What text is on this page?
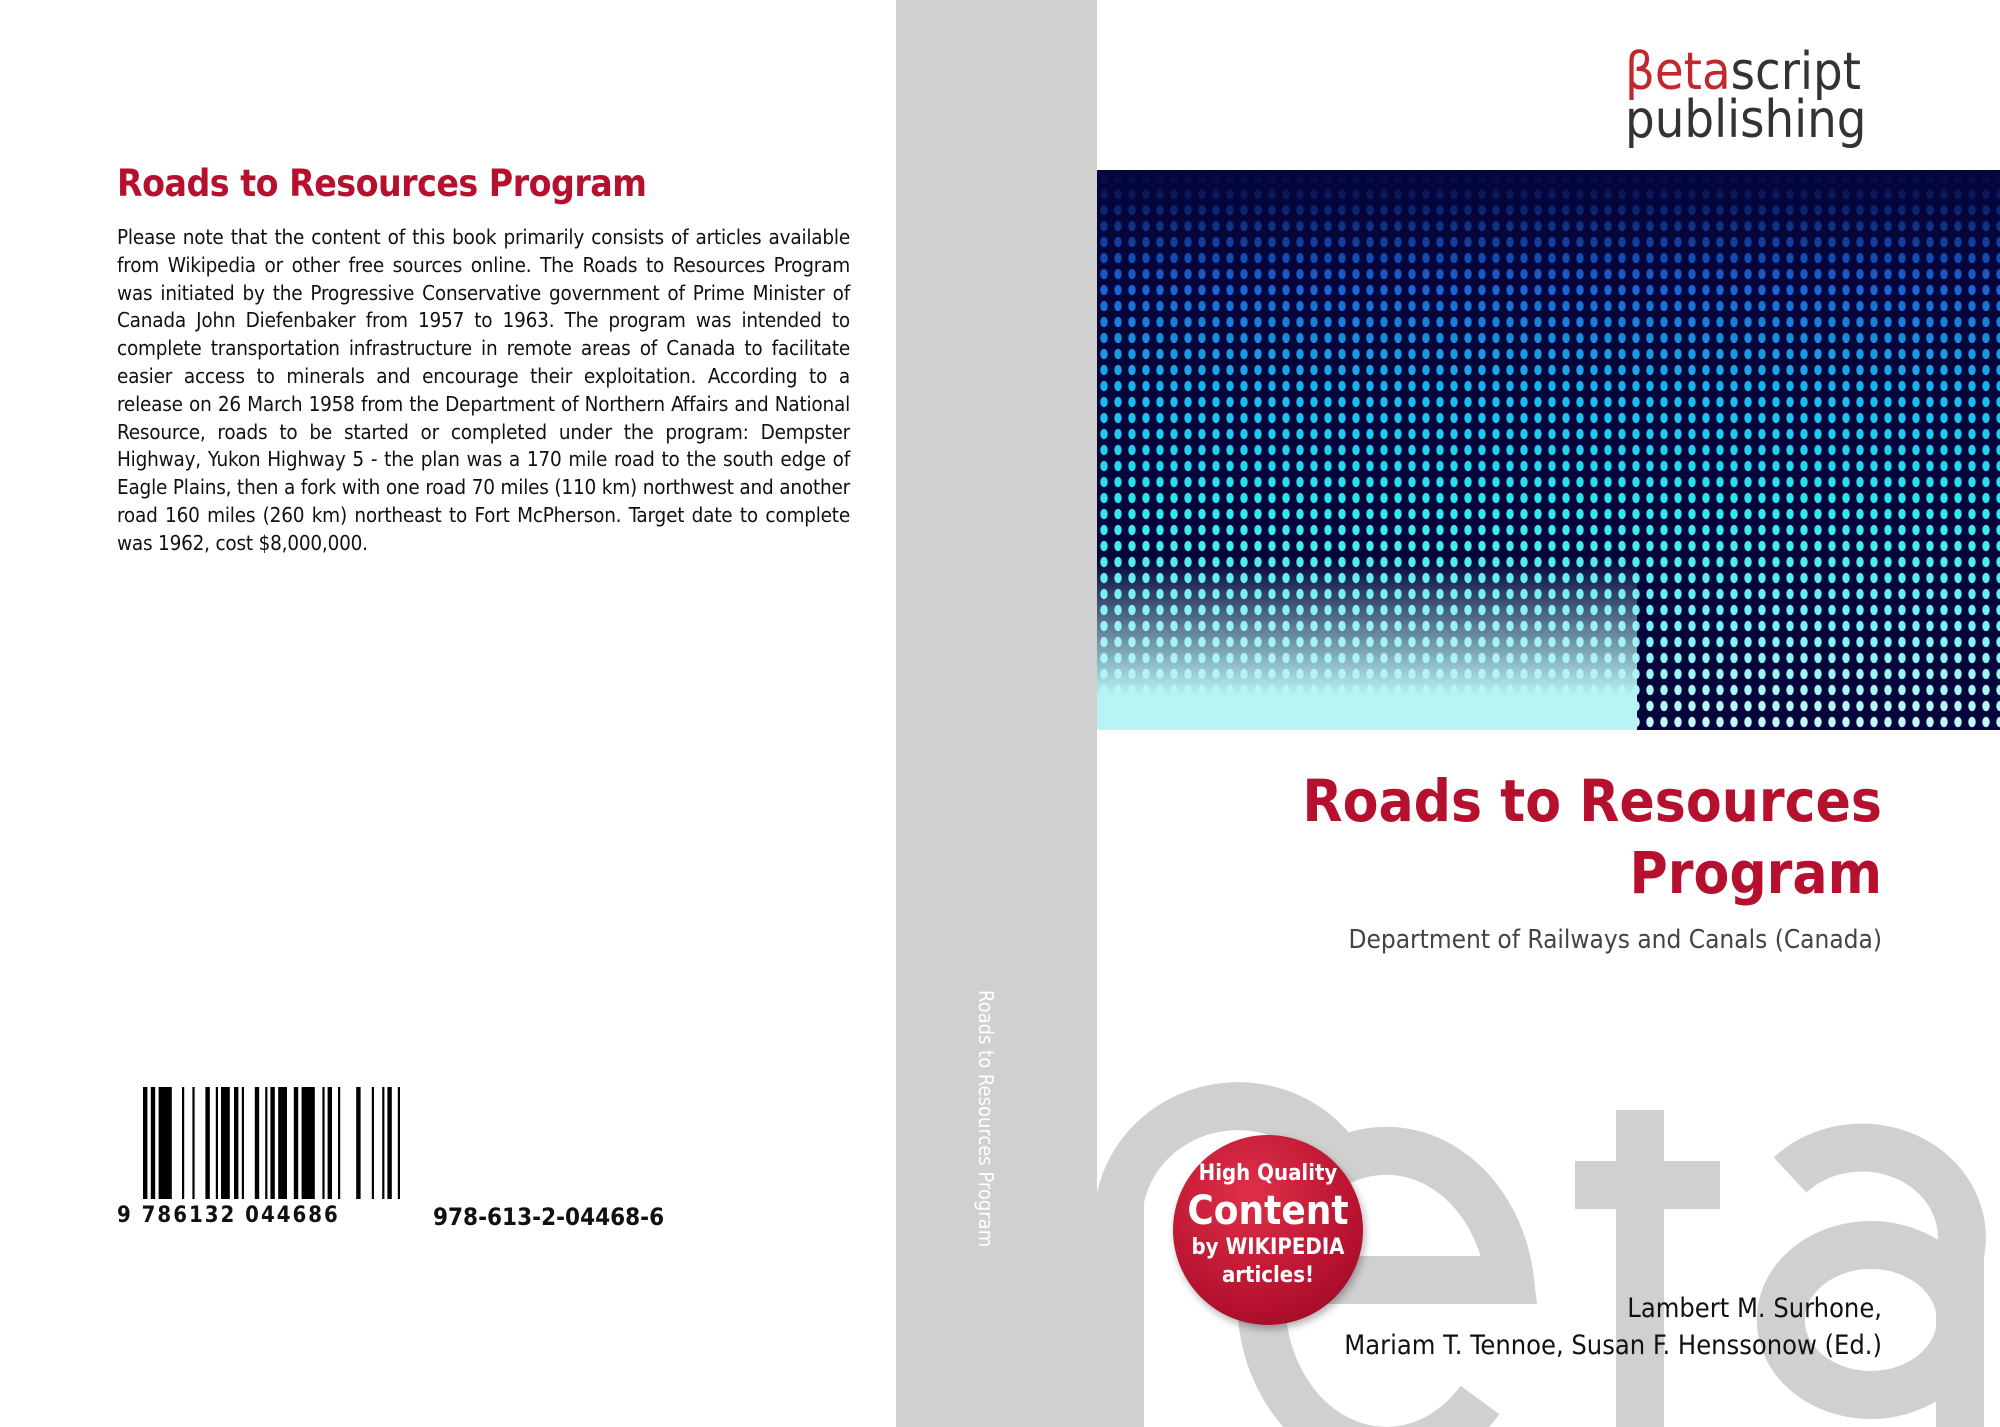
Roads to Resources Program
Please note that the content of this book primarily consists of articles available from Wikipedia or other free sources online. The Roads to Resources Program was initiated by the Progressive Conservative government of Prime Minister of Canada John Diefenbaker from 1957 to 1963. The program was intended to complete transportation infrastructure in remote areas of Canada to facilitate easier access to minerals and encourage their exploitation. According to a release on 26 March 1958 from the Department of Northern Affairs and National Resource, roads to be started or completed under the program: Dempster Highway, Yukon Highway 5 - the plan was a 170 mile road to the south edge of Eagle Plains, then a fork with one road 70 miles (110 km) northwest and another road 160 miles (260 km) northeast to Fort McPherson. Target date to complete was 1962, cost $8,000,000.
9 786132 044686	978-613-2-04468-6	Roads to Resources Program
βetascript
publishing
Roads to Resources
Program
Department of Railways and Canals (Canada)
High Quality
Content
by WIKIPEDIA
articles!
Lambert M. Surhone,
Mariam T. Tennoe, Susan F. Henssonow (Ed.)
